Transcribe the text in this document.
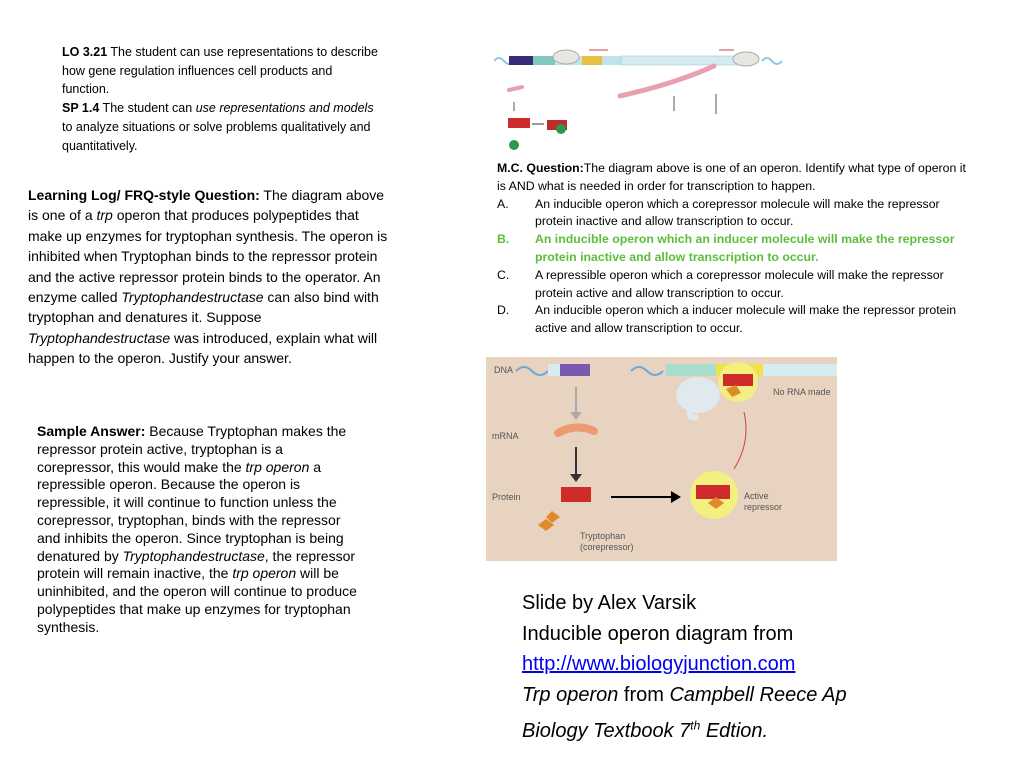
LO 3.21 The student can use representations to describe how gene regulation influences cell products and function.
SP 1.4 The student can use representations and models to analyze situations or solve problems qualitatively and quantitatively.
Learning Log/ FRQ-style Question: The diagram above is one of a trp operon that produces polypeptides that make up enzymes for tryptophan synthesis. The operon is inhibited when Tryptophan binds to the repressor protein and the active repressor protein binds to the operator. An enzyme called Tryptophandestructase can also bind with tryptophan and denatures it. Suppose Tryptophandestructase was introduced, explain what will happen to the operon. Justify your answer.
Sample Answer: Because Tryptophan makes the repressor protein active, tryptophan is a corepressor, this would make the trp operon a repressible operon. Because the operon is repressible, it will continue to function unless the corepressor, tryptophan, binds with the repressor and inhibits the operon. Since tryptophan is being denatured by Tryptophandestructase, the repressor protein will remain inactive, the trp operon will be uninhibited, and the operon will continue to produce polypeptides that make up enzymes for tryptophan synthesis.
M.C. Question:The diagram above is one of an operon. Identify what type of operon it is AND what is needed in order for transcription to happen.
A.	An inducible operon which a corepressor molecule will make the repressor protein inactive and allow transcription to occur.
B.	An inducible operon which an inducer molecule will make the repressor protein inactive and allow transcription to occur.
C.	A repressible operon which a corepressor molecule will make the repressor protein active and allow transcription to occur.
D.	An inducible operon which a inducer molecule will make the repressor protein active and allow transcription to occur.
DNA
mRNA
Protein
No RNA made
Active
repressor
Tryptophan
(corepressor)
Slide by Alex Varsik
Inducible operon diagram from
http://www.biologyjunction.com
Trp operon from Campbell Reece Ap
Biology Textbook 7th Edtion.
